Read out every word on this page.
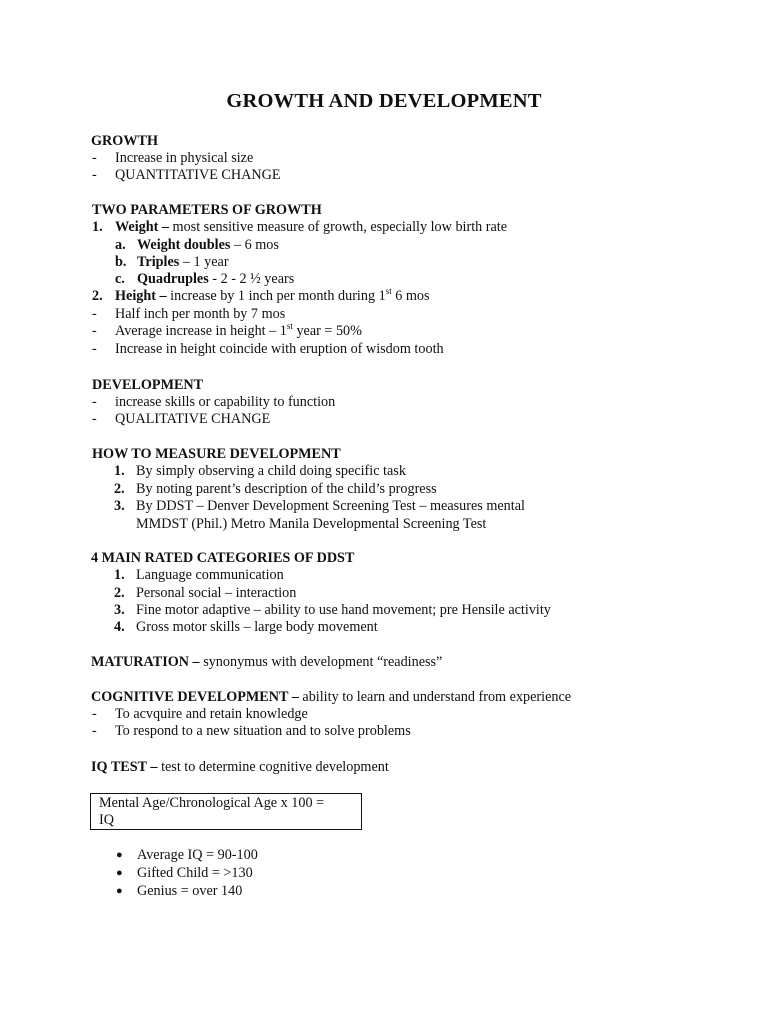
GROWTH AND DEVELOPMENT
GROWTH
- Increase in physical size
- QUANTITATIVE CHANGE
TWO PARAMETERS OF GROWTH
1. Weight – most sensitive measure of growth, especially low birth rate
a. Weight doubles – 6 mos
b. Triples – 1 year
c. Quadruples - 2 - 2 ½ years
2. Height – increase by 1 inch per month during 1st 6 mos
- Half inch per month by 7 mos
- Average increase in height – 1st year = 50%
- Increase in height coincide with eruption of wisdom tooth
DEVELOPMENT
- increase skills or capability to function
- QUALITATIVE CHANGE
HOW TO MEASURE DEVELOPMENT
1. By simply observing a child doing specific task
2. By noting parent’s description of the child’s progress
3. By DDST – Denver Development Screening Test – measures mental
MMDST (Phil.) Metro Manila Developmental Screening Test
4 MAIN RATED CATEGORIES OF DDST
1. Language communication
2. Personal social – interaction
3. Fine motor adaptive – ability to use hand movement; pre Hensile activity
4. Gross motor skills – large body movement
MATURATION – synonymus with development “readiness”
COGNITIVE DEVELOPMENT – ability to learn and understand from experience
- To acvquire and retain knowledge
- To respond to a new situation and to solve problems
IQ TEST – test to determine cognitive development
Mental Age/Chronological Age x 100 =
IQ
● Average IQ = 90-100
● Gifted Child = >130
● Genius = over 140
